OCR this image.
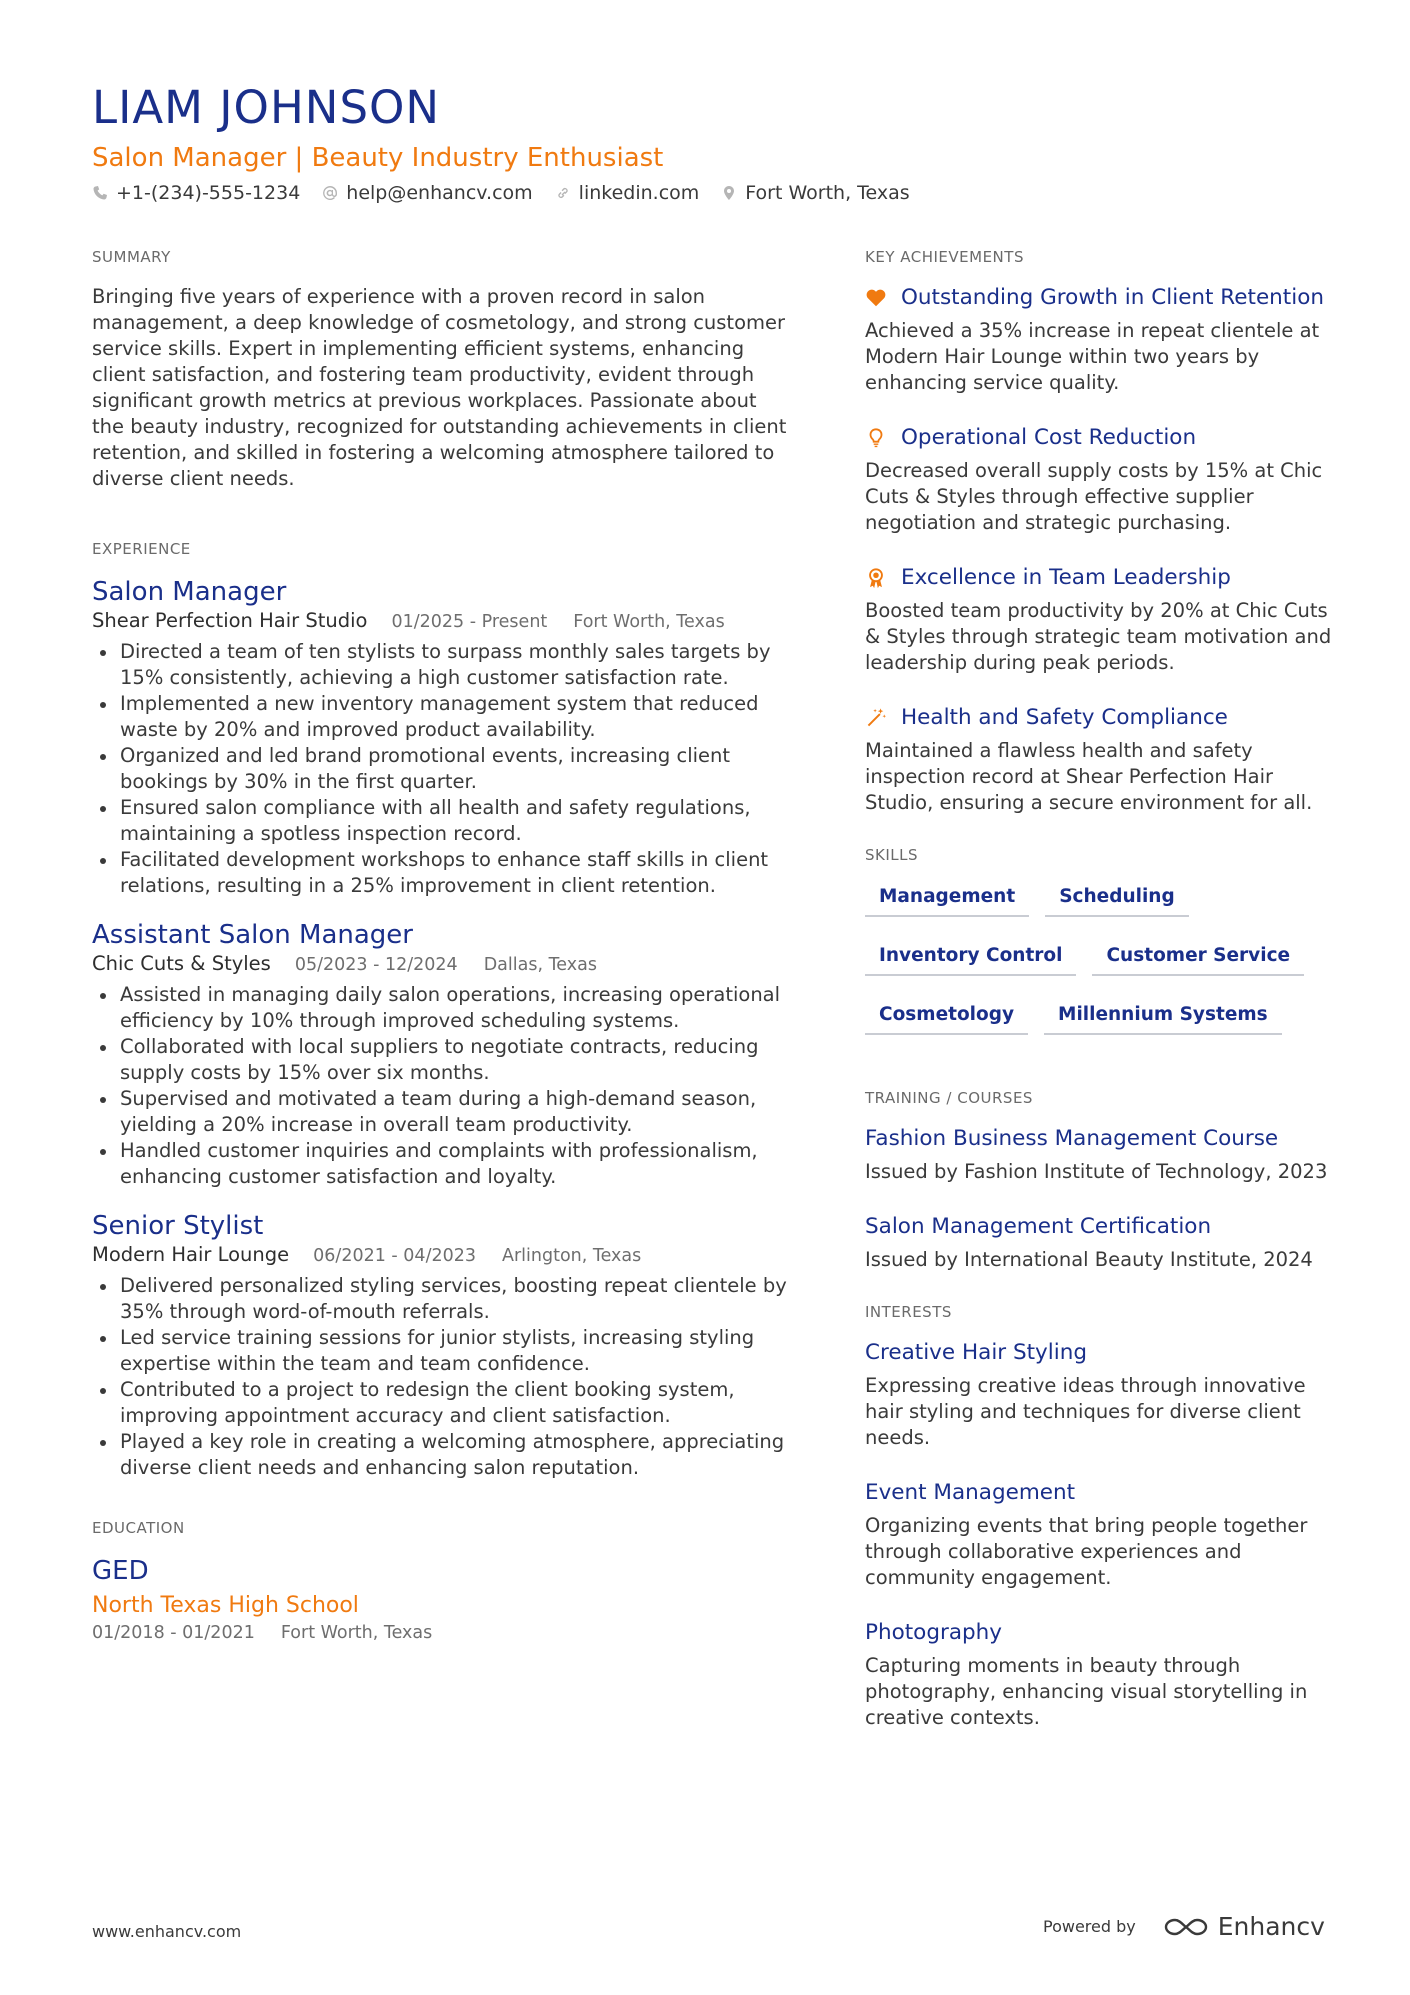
LIAM JOHNSON
Salon Manager | Beauty Industry Enthusiast
+1-(234)-555-1234 help@enhancv.com linkedin.com Fort Worth, Texas
SUMMARY
Bringing five years of experience with a proven record in salon management, a deep knowledge of cosmetology, and strong customer service skills. Expert in implementing efficient systems, enhancing client satisfaction, and fostering team productivity, evident through significant growth metrics at previous workplaces. Passionate about the beauty industry, recognized for outstanding achievements in client retention, and skilled in fostering a welcoming atmosphere tailored to diverse client needs.
EXPERIENCE
Salon Manager
Shear Perfection Hair Studio 01/2025 - Present Fort Worth, Texas
Directed a team of ten stylists to surpass monthly sales targets by 15% consistently, achieving a high customer satisfaction rate.
Implemented a new inventory management system that reduced waste by 20% and improved product availability.
Organized and led brand promotional events, increasing client bookings by 30% in the first quarter.
Ensured salon compliance with all health and safety regulations, maintaining a spotless inspection record.
Facilitated development workshops to enhance staff skills in client relations, resulting in a 25% improvement in client retention.
Assistant Salon Manager
Chic Cuts & Styles 05/2023 - 12/2024 Dallas, Texas
Assisted in managing daily salon operations, increasing operational efficiency by 10% through improved scheduling systems.
Collaborated with local suppliers to negotiate contracts, reducing supply costs by 15% over six months.
Supervised and motivated a team during a high-demand season, yielding a 20% increase in overall team productivity.
Handled customer inquiries and complaints with professionalism, enhancing customer satisfaction and loyalty.
Senior Stylist
Modern Hair Lounge 06/2021 - 04/2023 Arlington, Texas
Delivered personalized styling services, boosting repeat clientele by 35% through word-of-mouth referrals.
Led service training sessions for junior stylists, increasing styling expertise within the team and team confidence.
Contributed to a project to redesign the client booking system, improving appointment accuracy and client satisfaction.
Played a key role in creating a welcoming atmosphere, appreciating diverse client needs and enhancing salon reputation.
EDUCATION
GED
North Texas High School
01/2018 - 01/2021 Fort Worth, Texas
KEY ACHIEVEMENTS
Outstanding Growth in Client Retention
Achieved a 35% increase in repeat clientele at Modern Hair Lounge within two years by enhancing service quality.
Operational Cost Reduction
Decreased overall supply costs by 15% at Chic Cuts & Styles through effective supplier negotiation and strategic purchasing.
Excellence in Team Leadership
Boosted team productivity by 20% at Chic Cuts & Styles through strategic team motivation and leadership during peak periods.
Health and Safety Compliance
Maintained a flawless health and safety inspection record at Shear Perfection Hair Studio, ensuring a secure environment for all.
SKILLS
Management	Scheduling
Inventory Control	Customer Service
Cosmetology	Millennium Systems
TRAINING / COURSES
Fashion Business Management Course
Issued by Fashion Institute of Technology, 2023
Salon Management Certification
Issued by International Beauty Institute, 2024
INTERESTS
Creative Hair Styling
Expressing creative ideas through innovative hair styling and techniques for diverse client needs.
Event Management
Organizing events that bring people together through collaborative experiences and community engagement.
Photography
Capturing moments in beauty through photography, enhancing visual storytelling in creative contexts.
www.enhancv.com	Powered by	Enhancv
